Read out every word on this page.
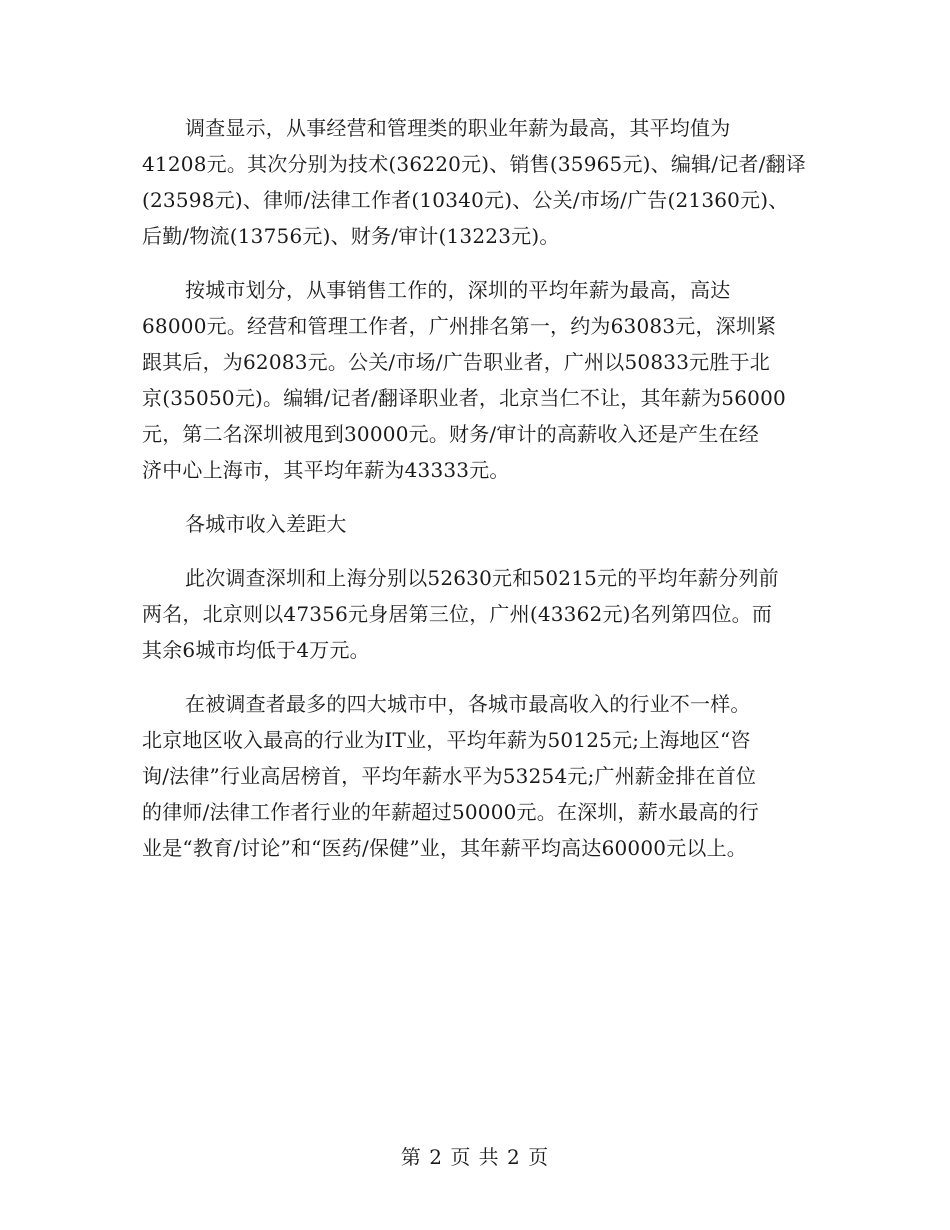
调查显示，从事经营和管理类的职业年薪为最高，其平均值为
41208元。其次分别为技术(36220元)、销售(35965元)、编辑/记者/翻译
(23598元)、律师/法律工作者(10340元)、公关/市场/广告(21360元)、
后勤/物流(13756元)、财务/审计(13223元)。
按城市划分，从事销售工作的，深圳的平均年薪为最高，高达
68000元。经营和管理工作者，广州排名第一，约为63083元，深圳紧
跟其后，为62083元。公关/市场/广告职业者，广州以50833元胜于北
京(35050元)。编辑/记者/翻译职业者，北京当仁不让，其年薪为56000
元，第二名深圳被甩到30000元。财务/审计的高薪收入还是产生在经
济中心上海市，其平均年薪为43333元。
各城市收入差距大
此次调查深圳和上海分别以52630元和50215元的平均年薪分列前
两名，北京则以47356元身居第三位，广州(43362元)名列第四位。而
其余6城市均低于4万元。
在被调查者最多的四大城市中，各城市最高收入的行业不一样。
北京地区收入最高的行业为IT业，平均年薪为50125元;上海地区“咨
询/法律”行业高居榜首，平均年薪水平为53254元;广州薪金排在首位
的律师/法律工作者行业的年薪超过50000元。在深圳，薪水最高的行
业是“教育/讨论”和“医药/保健”业，其年薪平均高达60000元以上。
第 2 页 共 2 页
